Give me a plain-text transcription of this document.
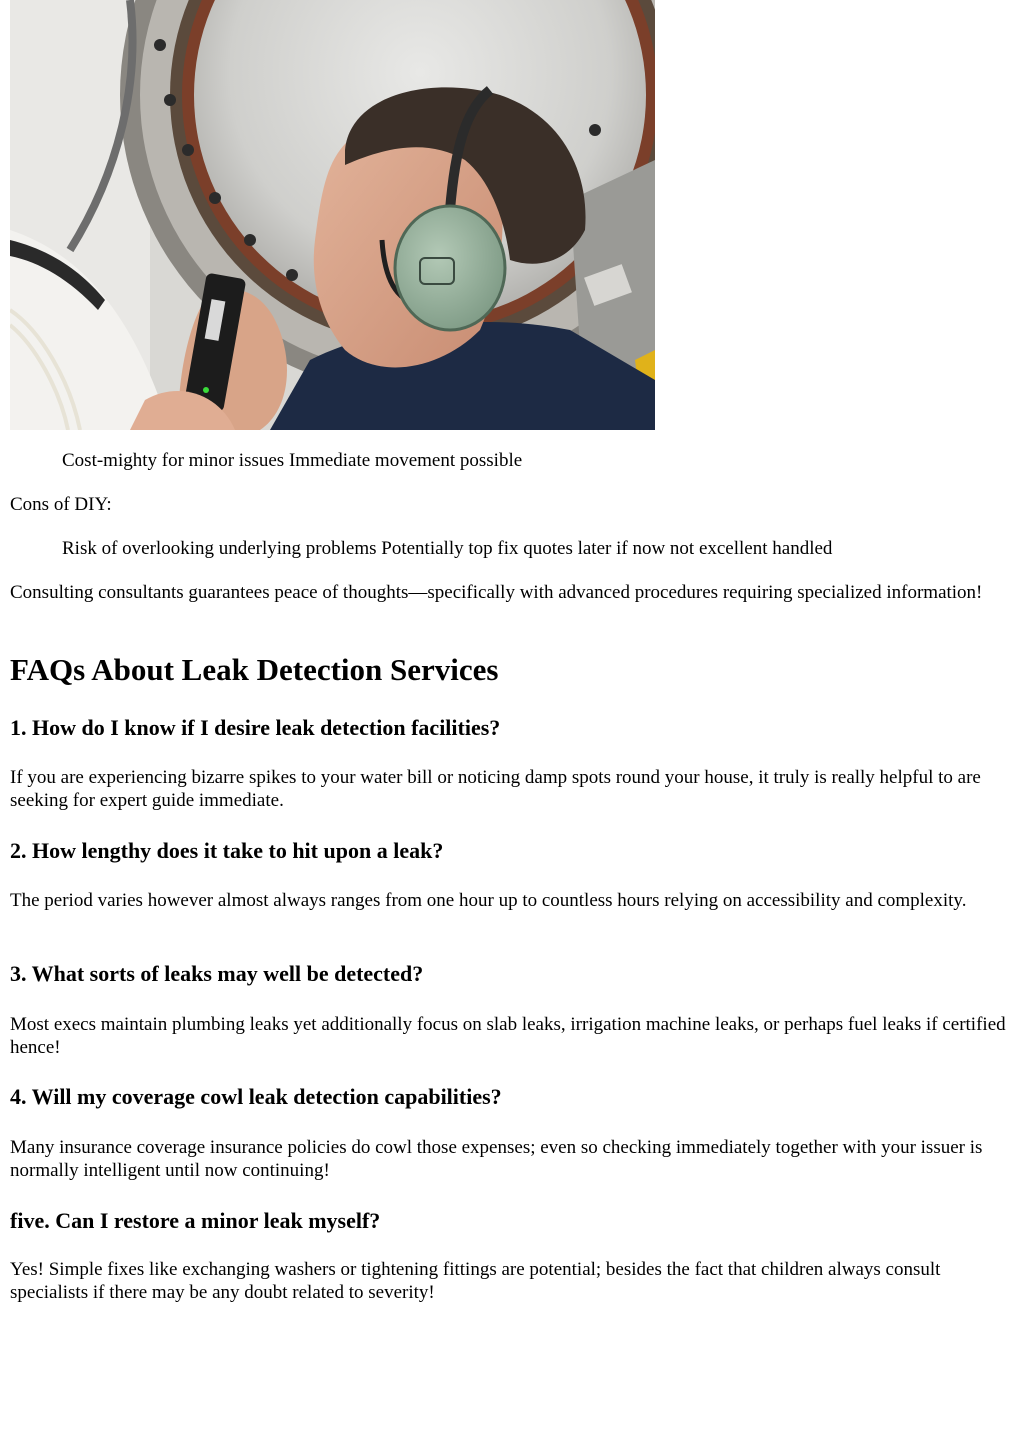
Cost-mighty for minor issues Immediate movement possible
Cons of DIY:
Risk of overlooking underlying problems Potentially top fix quotes later if now not excellent handled
Consulting consultants guarantees peace of thoughts—specifically with advanced procedures requiring specialized information!
FAQs About Leak Detection Services
1. How do I know if I desire leak detection facilities?
If you are experiencing bizarre spikes to your water bill or noticing damp spots round your house, it truly is really helpful to are seeking for expert guide immediate.
2. How lengthy does it take to hit upon a leak?
The period varies however almost always ranges from one hour up to countless hours relying on accessibility and complexity.
3. What sorts of leaks may well be detected?
Most execs maintain plumbing leaks yet additionally focus on slab leaks, irrigation machine leaks, or perhaps fuel leaks if certified hence!
4. Will my coverage cowl leak detection capabilities?
Many insurance coverage insurance policies do cowl those expenses; even so checking immediately together with your issuer is normally intelligent until now continuing!
five. Can I restore a minor leak myself?
Yes! Simple fixes like exchanging washers or tightening fittings are potential; besides the fact that children always consult specialists if there may be any doubt related to severity!
